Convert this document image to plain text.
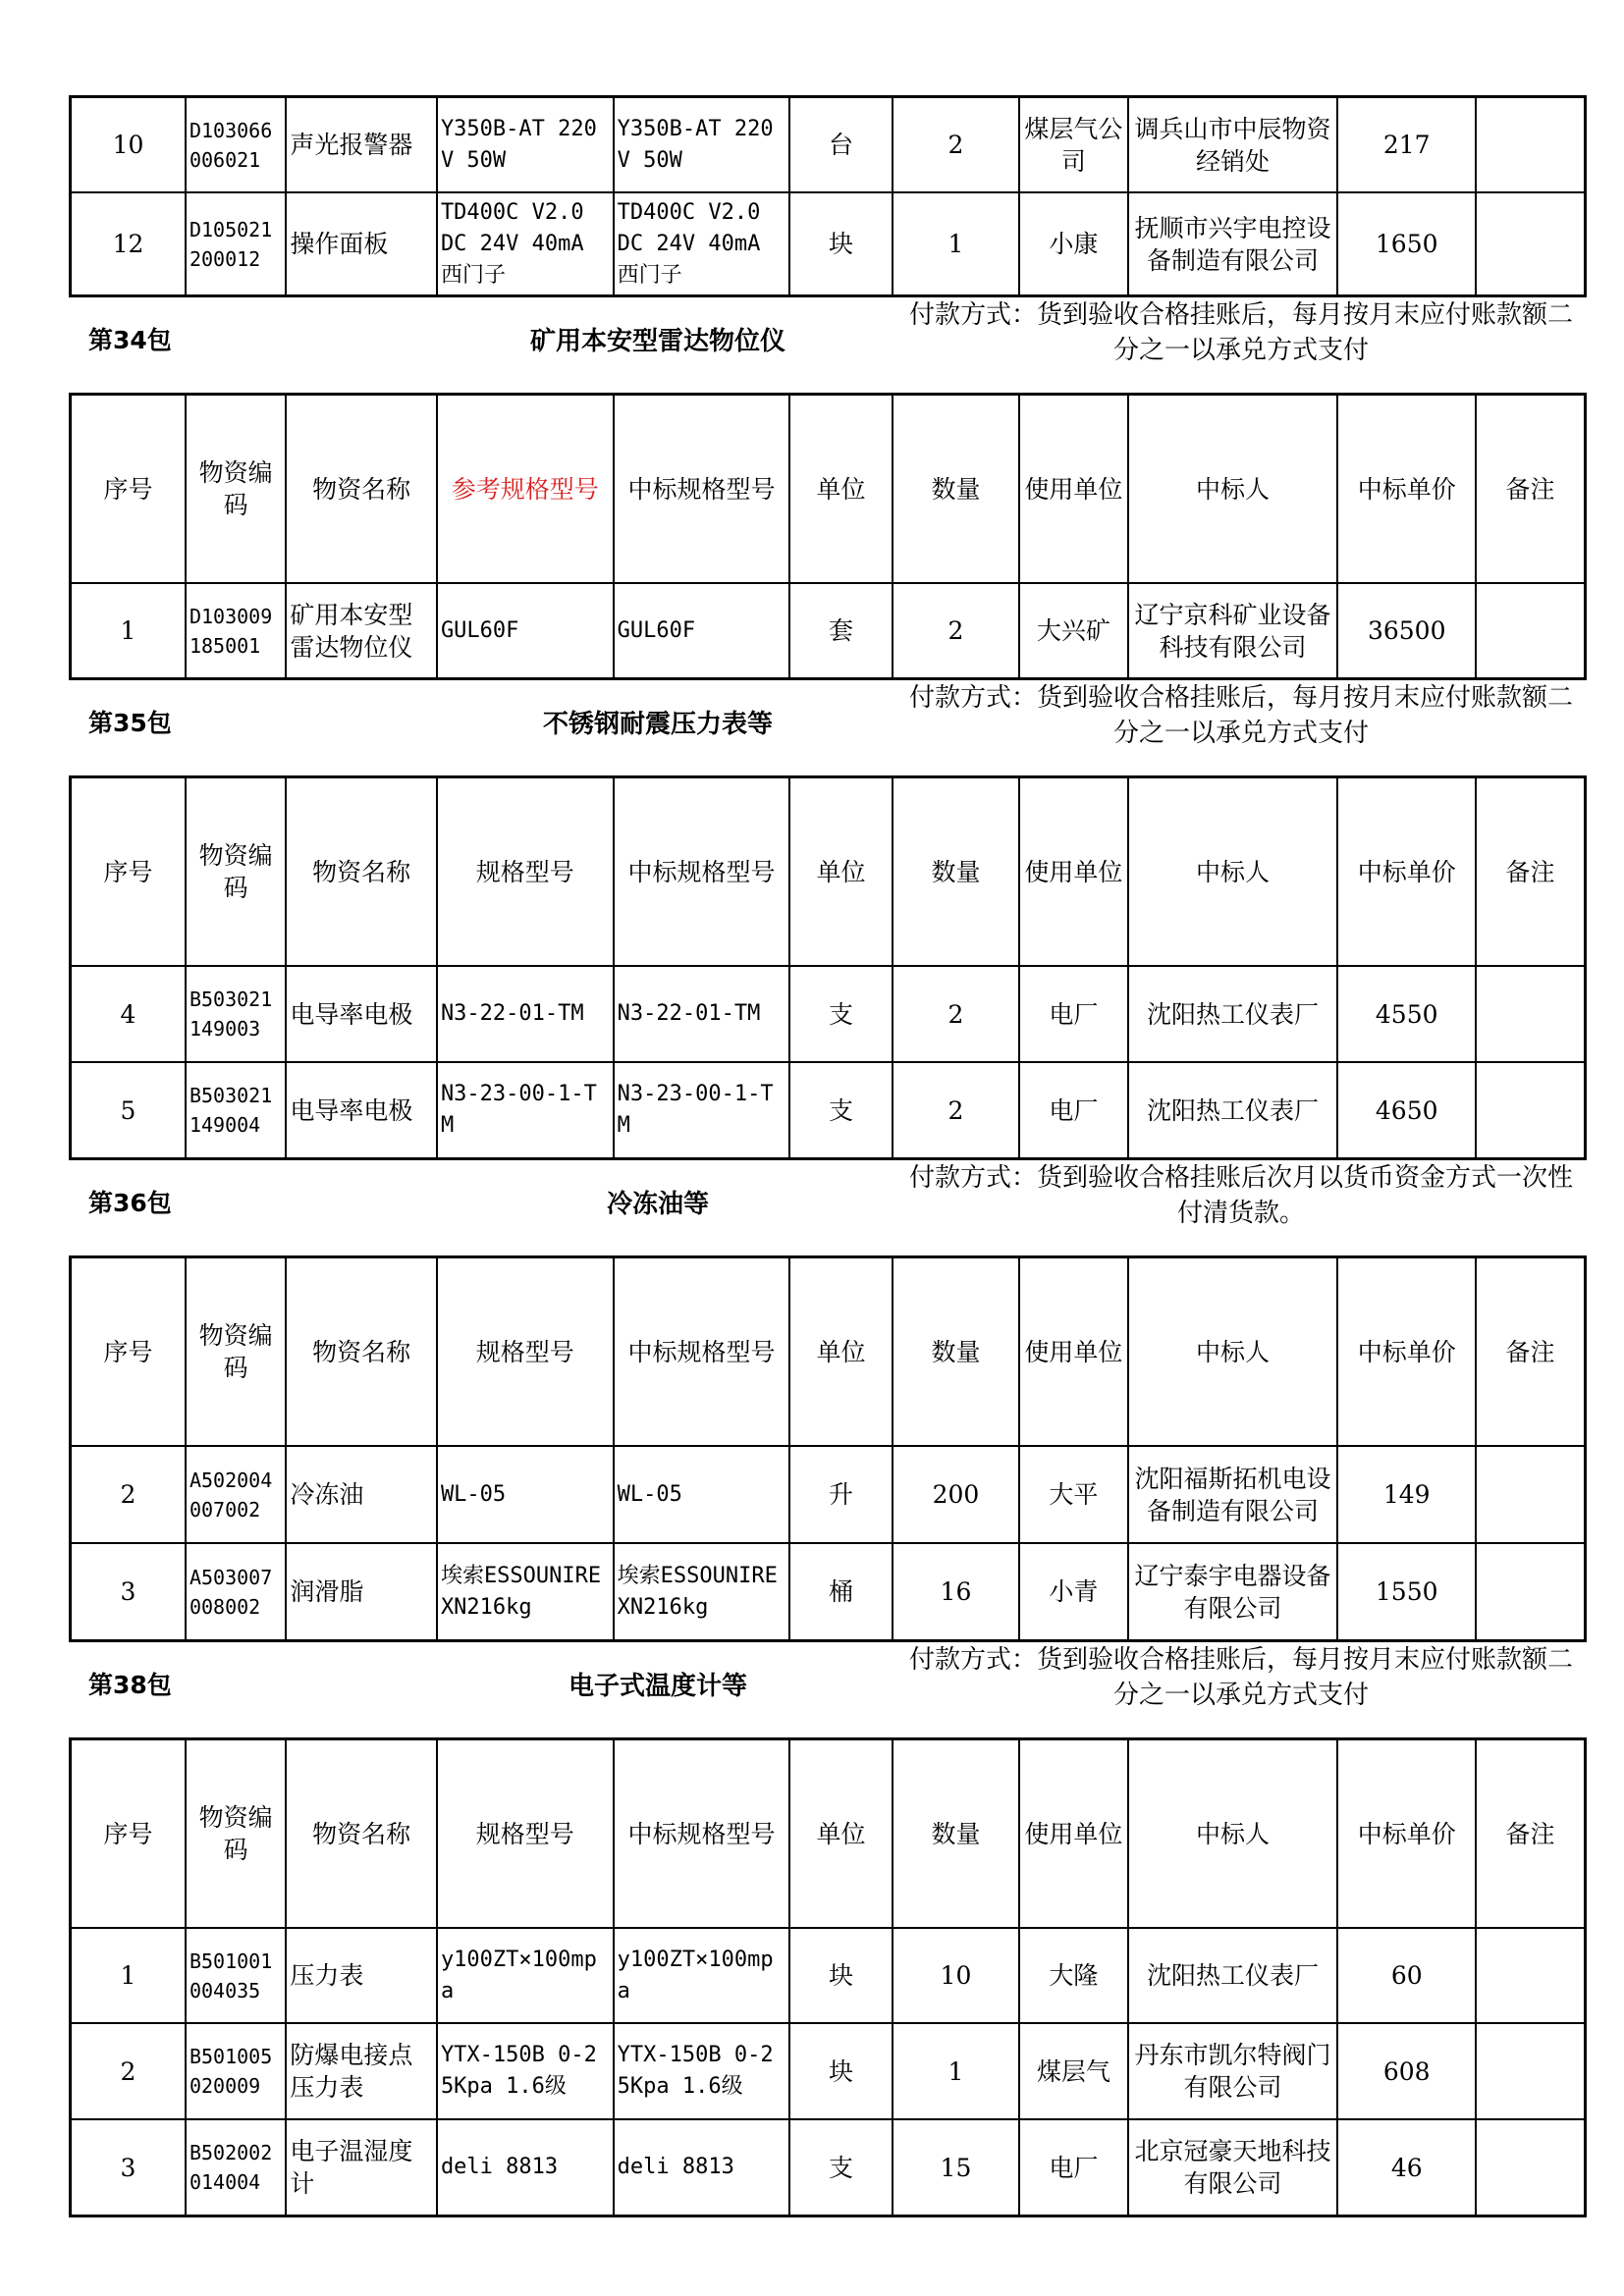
10	D103066006021	声光报警器	Y350B-AT 220V 50W	Y350B-AT 220V 50W	台	2	煤层气公司	调兵山市中辰物资经销处	217	
12	D105021200012	操作面板	TD400C V2.0 DC 24V 40mA 西门子	TD400C V2.0 DC 24V 40mA 西门子	块	1	小康	抚顺市兴宇电控设备制造有限公司	1650	
第34包	矿用本安型雷达物位仪
付款方式：货到验收合格挂账后，每月按月末应付账款额二分之一以承兑方式支付
序号	物资编码	物资名称	参考规格型号	中标规格型号	单位	数量	使用单位	中标人	中标单价	备注
1	D103009185001	矿用本安型雷达物位仪	GUL60F	GUL60F	套	2	大兴矿	辽宁京科矿业设备科技有限公司	36500	
第35包	不锈钢耐震压力表等
付款方式：货到验收合格挂账后，每月按月末应付账款额二分之一以承兑方式支付
序号	物资编码	物资名称	规格型号	中标规格型号	单位	数量	使用单位	中标人	中标单价	备注
4	B503021149003	电导率电极	N3-22-01-TM	N3-22-01-TM	支	2	电厂	沈阳热工仪表厂	4550	
5	B503021149004	电导率电极	N3-23-00-1-TM	N3-23-00-1-TM	支	2	电厂	沈阳热工仪表厂	4650	
第36包	冷冻油等
付款方式：货到验收合格挂账后次月以货币资金方式一次性付清货款。
序号	物资编码	物资名称	规格型号	中标规格型号	单位	数量	使用单位	中标人	中标单价	备注
2	A502004007002	冷冻油	WL-05	WL-05	升	200	大平	沈阳福斯拓机电设备制造有限公司	149	
3	A503007008002	润滑脂	埃索ESSOUNIREXN216kg	埃索ESSOUNIREXN216kg	桶	16	小青	辽宁泰宇电器设备有限公司	1550	
第38包	电子式温度计等
付款方式：货到验收合格挂账后，每月按月末应付账款额二分之一以承兑方式支付
序号	物资编码	物资名称	规格型号	中标规格型号	单位	数量	使用单位	中标人	中标单价	备注
1	B501001004035	压力表	y100ZT×100mpa	y100ZT×100mpa	块	10	大隆	沈阳热工仪表厂	60	
2	B501005020009	防爆电接点压力表	YTX-150B 0-25Kpa 1.6级	YTX-150B 0-25Kpa 1.6级	块	1	煤层气	丹东市凯尔特阀门有限公司	608	
3	B502002014004	电子温湿度计	deli 8813	deli 8813	支	15	电厂	北京冠豪天地科技有限公司	46	
